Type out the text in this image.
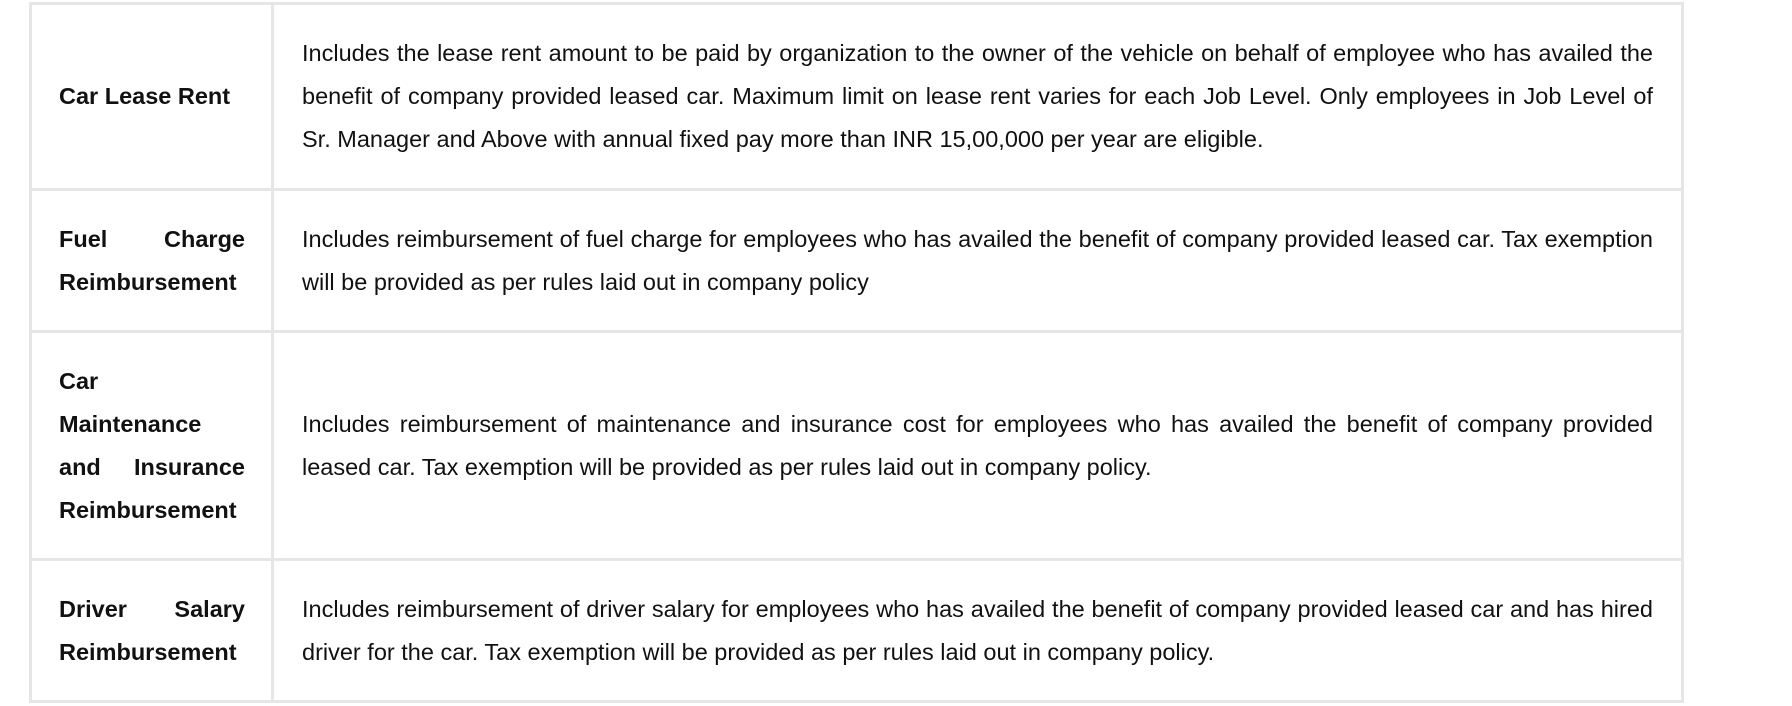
Car Lease Rent	Includes the lease rent amount to be paid by organization to the owner of the vehicle on behalf of employee who has availed the benefit of company provided leased car. Maximum limit on lease rent varies for each Job Level. Only employees in Job Level of Sr. Manager and Above with annual fixed pay more than INR 15,00,000 per year are eligible.
Fuel Charge Reimbursement	Includes reimbursement of fuel charge for employees who has availed the benefit of company provided leased car. Tax exemption will be provided as per rules laid out in company policy
Car Maintenance and Insurance Reimbursement	Includes reimbursement of maintenance and insurance cost for employees who has availed the benefit of company provided leased car. Tax exemption will be provided as per rules laid out in company policy.
Driver Salary Reimbursement	Includes reimbursement of driver salary for employees who has availed the benefit of company provided leased car and has hired driver for the car. Tax exemption will be provided as per rules laid out in company policy.
